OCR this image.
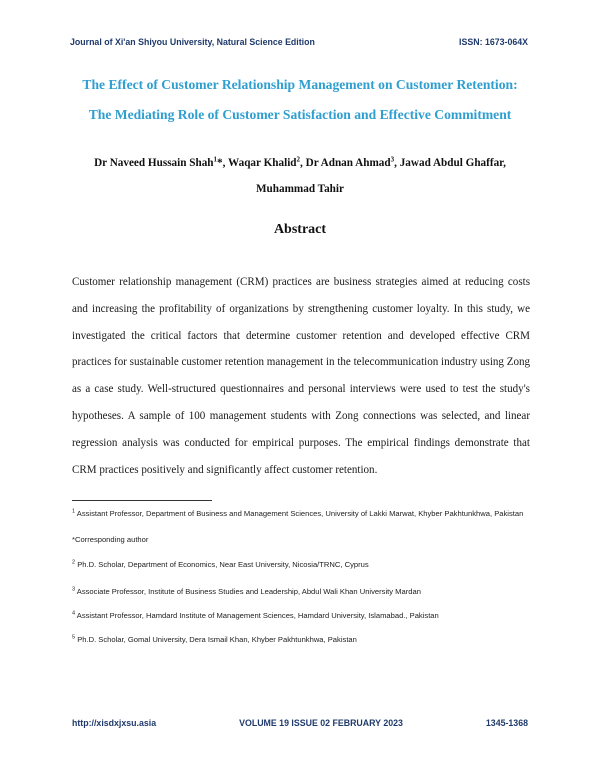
Journal of Xi'an Shiyou University, Natural Science Edition	ISSN: 1673-064X
The Effect of Customer Relationship Management on Customer Retention:
The Mediating Role of Customer Satisfaction and Effective Commitment
Dr Naveed Hussain Shah$^1$*, Waqar Khalid$^2$, Dr Adnan Ahmad$^3$, Jawad Abdul Ghaffar,
Muhammad Tahir
Abstract
Customer relationship management (CRM) practices are business strategies aimed at reducing costs and increasing the profitability of organizations by strengthening customer loyalty. In this study, we investigated the critical factors that determine customer retention and developed effective CRM practices for sustainable customer retention management in the telecommunication industry using Zong as a case study. Well-structured questionnaires and personal interviews were used to test the study's hypotheses. A sample of 100 management students with Zong connections was selected, and linear regression analysis was conducted for empirical purposes. The empirical findings demonstrate that CRM practices positively and significantly affect customer retention.

$^1$ Assistant Professor, Department of Business and Management Sciences, University of Lakki Marwat, Khyber Pakhtunkhwa, Pakistan

*Corresponding author

$^2$ Ph.D. Scholar, Department of Economics, Near East University, Nicosia/TRNC, Cyprus

$^3$ Associate Professor, Institute of Business Studies and Leadership, Abdul Wali Khan University Mardan

$^4$ Assistant Professor, Hamdard Institute of Management Sciences, Hamdard University, Islamabad., Pakistan

$^5$ Ph.D. Scholar, Gomal University, Dera Ismail Khan, Khyber Pakhtunkhwa, Pakistan

http://xisdxjxsu.asia	VOLUME 19 ISSUE 02 FEBRUARY 2023	1345-1368
